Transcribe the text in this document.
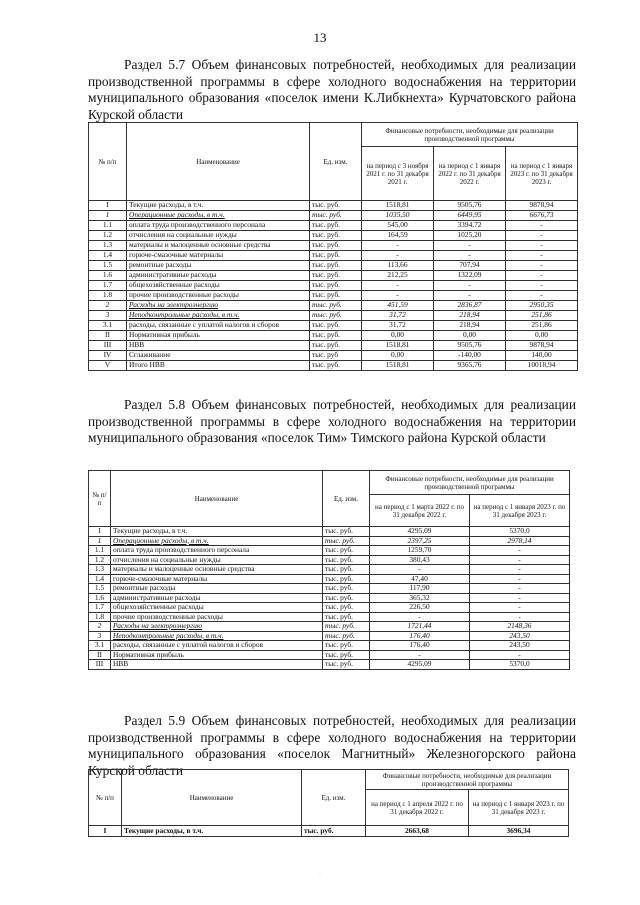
13
Раздел 5.7 Объем финансовых потребностей, необходимых для реализации производственной программы в сфере холодного водоснабжения на территории муниципального образования «поселок имени К.Либкнехта» Курчатовского района Курской области
№ п/п	Наименование	Ед. изм.	Финансовые потребности, необходимые для реализации производственной программы		
			на период с 3 ноября 2021 г. по 31 декабря 2021 г.	на период с 1 января 2022 г. по 31 декабря 2022 г.	на период с 1 января 2023 г. по 31 декабря 2023 г.
I	Текущие расходы, в т.ч.	тыс. руб.	1518,81	9505,76	9878,94
1	Операционные расходы, в т.ч.	тыс. руб.	1035,50	6449,95	6676,73
1.1	оплата труда производственного персонала	тыс. руб.	545,00	3394,72	-
1.2	отчисления на социальные нужды	тыс. руб.	164,59	1025,20	-
1.3	материалы и малоценные основные средства	тыс. руб.	-	-	-
1.4	горюче-смазочные материалы	тыс. руб.	-	-	-
1.5	ремонтные расходы	тыс. руб.	113,66	707,94	-
1.6	административные расходы	тыс. руб.	212,25	1322,09	-
1.7	общехозяйственные расходы	тыс. руб.	-	-	-
1.8	прочие производственные расходы	тыс. руб.	-	-	-
2	Расходы на электроэнергию	тыс. руб.	451,59	2836,87	2950,35
3	Неподконтрольные расходы, в т.ч.	тыс. руб.	31,72	218,94	251,86
3.1	расходы, связанные с уплатой налогов и сборов	тыс. руб.	31,72	218,94	251,86
II	Нормативная прибыль	тыс. руб.	0,00	0,00	0,00
III	НВВ	тыс. руб.	1518,81	9505,76	9878,94
IV	Сглаживание	тыс. руб	0,00	-140,00	140,00
V	Итого НВВ	тыс. руб.	1518,81	9365,76	10018,94
Раздел 5.8 Объем финансовых потребностей, необходимых для реализации производственной программы в сфере холодного водоснабжения на территории муниципального образования «поселок Тим» Тимского района Курской области
№ п/п	Наименование	Ед. изм.	Финансовые потребности, необходимые для реализации производственной программы	
			на период с 1 марта 2022 г. по 31 декабря 2022 г.	на период с 1 января 2023 г. по 31 декабря 2023 г.
I	Текущие расходы, в т.ч.	тыс. руб.	4295,09	5370,0
1	Операционные расходы, в т.ч.	тыс. руб.	2397,25	2978,14
1.1	оплата труда производственного персонала	тыс. руб.	1259,70	-
1.2	отчисления на социальные нужды	тыс. руб.	380,43	-
1.3	материалы и малоценные основные средства	тыс. руб.	-	-
1.4	горюче-смазочные материалы	тыс. руб.	47,40	-
1.5	ремонтные расходы	тыс. руб.	117,90	-
1.6	административные расходы	тыс. руб.	365,32	-
1.7	общехозяйственные расходы	тыс. руб.	226,50	-
1.8	прочие производственные расходы	тыс. руб.	-	-
2	Расходы на электроэнергию	тыс. руб.	1721,44	2148,36
3	Неподконтрольные расходы, в т.ч.	тыс. руб.	176,40	243,50
3.1	расходы, связанные с уплатой налогов и сборов	тыс. руб.	176,40	243,50
II	Нормативная прибыль	тыс. руб.	-	-
III	НВВ	тыс. руб.	4295,09	5370,0
Раздел 5.9 Объем финансовых потребностей, необходимых для реализации производственной программы в сфере холодного водоснабжения на территории муниципального образования «поселок Магнитный» Железногорского района Курской области
№ п/п	Наименование	Ед. изм.	Финансовые потребности, необходимые для реализации производственной программы	
			на период с 1 апреля 2022 г. по 31 декабря 2022 г.	на период с 1 января 2023 г. по 31 декабря 2023 г.
I	Текущие расходы, в т.ч.	тыс. руб.	2663,68	3696,34
·
